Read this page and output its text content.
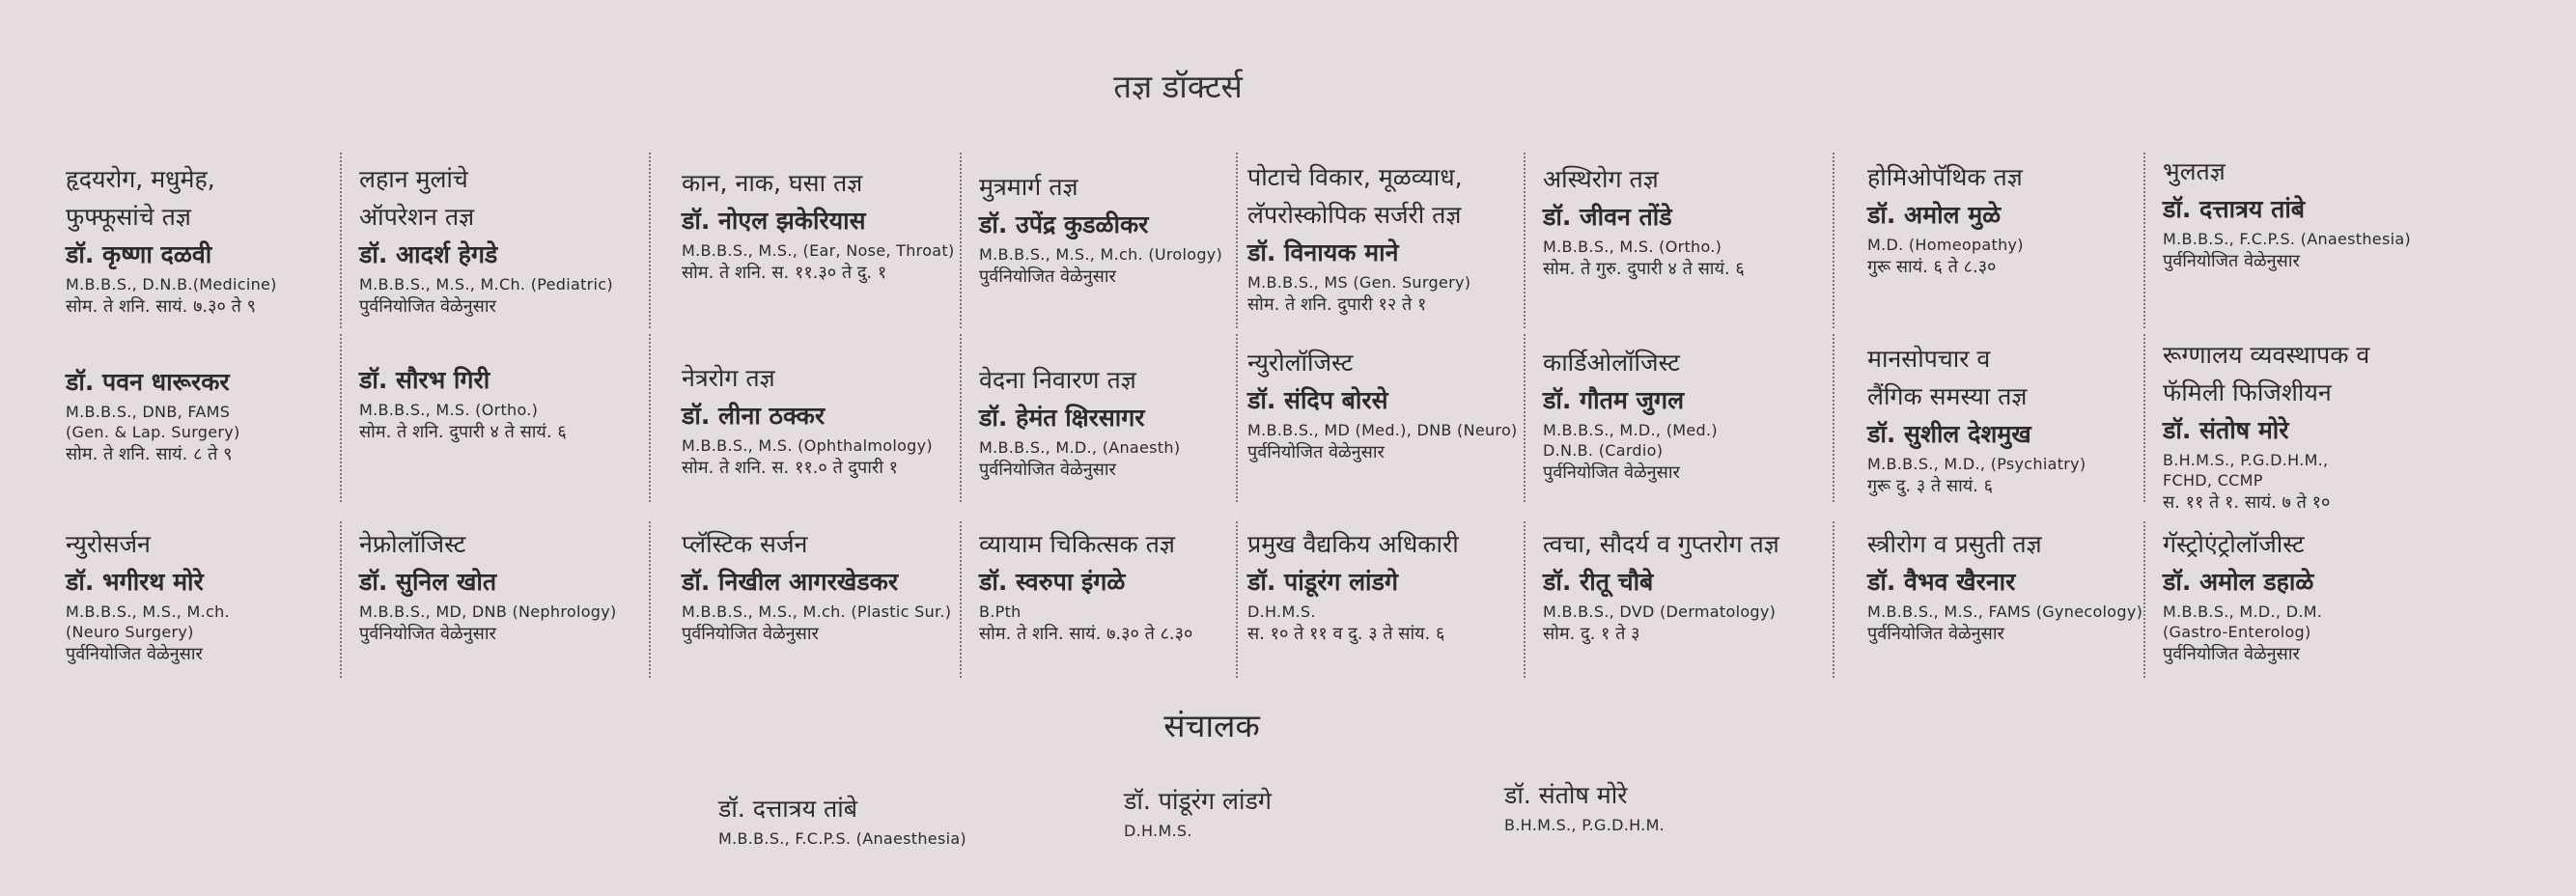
तज्ञ डॉक्टर्स
हृदयरोग, मधुमेह,
फुफ्फूसांचे तज्ञ
डॉ. कृष्णा दळवी
M.B.B.S., D.N.B.(Medicine)
सोम. ते शनि. सायं. ७.३० ते ९
लहान मुलांचे
ऑपरेशन तज्ञ
डॉ. आदर्श हेगडे
M.B.B.S., M.S., M.Ch. (Pediatric)
पुर्वनियोजित वेळेनुसार
कान, नाक, घसा तज्ञ
डॉ. नोएल झकेरियास
M.B.B.S., M.S., (Ear, Nose, Throat)
सोम. ते शनि. स. ११.३० ते दु. १
मुत्रमार्ग तज्ञ
डॉ. उपेंद्र कुडळीकर
M.B.B.S., M.S., M.ch. (Urology)
पुर्वनियोजित वेळेनुसार
पोटाचे विकार, मूळव्याध,
लॅपरोस्कोपिक सर्जरी तज्ञ
डॉ. विनायक माने
M.B.B.S., MS (Gen. Surgery)
सोम. ते शनि. दुपारी १२ ते १
अस्थिरोग तज्ञ
डॉ. जीवन तोंडे
M.B.B.S., M.S. (Ortho.)
सोम. ते गुरु. दुपारी ४ ते सायं. ६
होमिओपॅथिक तज्ञ
डॉ. अमोल मुळे
M.D. (Homeopathy)
गुरू सायं. ६ ते ८.३०
भुलतज्ञ
डॉ. दत्तात्रय तांबे
M.B.B.S., F.C.P.S. (Anaesthesia)
पुर्वनियोजित वेळेनुसार
डॉ. पवन धारूरकर
M.B.B.S., DNB, FAMS
(Gen. & Lap. Surgery)
सोम. ते शनि. सायं. ८ ते ९
डॉ. सौरभ गिरी
M.B.B.S., M.S. (Ortho.)
सोम. ते शनि. दुपारी ४ ते सायं. ६
नेत्ररोग तज्ञ
डॉ. लीना ठक्कर
M.B.B.S., M.S. (Ophthalmology)
सोम. ते शनि. स. ११.० ते दुपारी १
वेदना निवारण तज्ञ
डॉ. हेमंत क्षिरसागर
M.B.B.S., M.D., (Anaesth)
पुर्वनियोजित वेळेनुसार
न्युरोलॉजिस्ट
डॉ. संदिप बोरसे
M.B.B.S., MD (Med.), DNB (Neuro)
पुर्वनियोजित वेळेनुसार
कार्डिओलॉजिस्ट
डॉ. गौतम जुगल
M.B.B.S., M.D., (Med.)
D.N.B. (Cardio)
पुर्वनियोजित वेळेनुसार
मानसोपचार व
लैंगिक समस्या तज्ञ
डॉ. सुशील देशमुख
M.B.B.S., M.D., (Psychiatry)
गुरू दु. ३ ते सायं. ६
रूग्णालय व्यवस्थापक व
फॅमिली फिजिशीयन
डॉ. संतोष मोरे
B.H.M.S., P.G.D.H.M.,
FCHD, CCMP
स. ११ ते १. सायं. ७ ते १०
न्युरोसर्जन
डॉ. भगीरथ मोरे
M.B.B.S., M.S., M.ch.
(Neuro Surgery)
पुर्वनियोजित वेळेनुसार
नेफ्रोलॉजिस्ट
डॉ. सुनिल खोत
M.B.B.S., MD, DNB (Nephrology)
पुर्वनियोजित वेळेनुसार
प्लॅस्टिक सर्जन
डॉ. निखील आगरखेडकर
M.B.B.S., M.S., M.ch. (Plastic Sur.)
पुर्वनियोजित वेळेनुसार
व्यायाम चिकित्सक तज्ञ
डॉ. स्वरुपा इंगळे
B.Pth
सोम. ते शनि. सायं. ७.३० ते ८.३०
प्रमुख वैद्यकिय अधिकारी
डॉ. पांडूरंग लांडगे
D.H.M.S.
स. १० ते ११ व दु. ३ ते सांय. ६
त्वचा, सौदर्य व गुप्तरोग तज्ञ
डॉ. रीतू चौबे
M.B.B.S., DVD (Dermatology)
सोम. दु. १ ते ३
स्त्रीरोग व प्रसुती तज्ञ
डॉ. वैभव खैरनार
M.B.B.S., M.S., FAMS (Gynecology)
पुर्वनियोजित वेळेनुसार
गॅस्ट्रोएंट्रोलॉजीस्ट
डॉ. अमोल डहाळे
M.B.B.S., M.D., D.M.
(Gastro-Enterolog)
पुर्वनियोजित वेळेनुसार
संचालक
डॉ. दत्तात्रय तांबे
M.B.B.S., F.C.P.S. (Anaesthesia)
डॉ. पांडूरंग लांडगे
D.H.M.S.
डॉ. संतोष मोरे
B.H.M.S., P.G.D.H.M.
